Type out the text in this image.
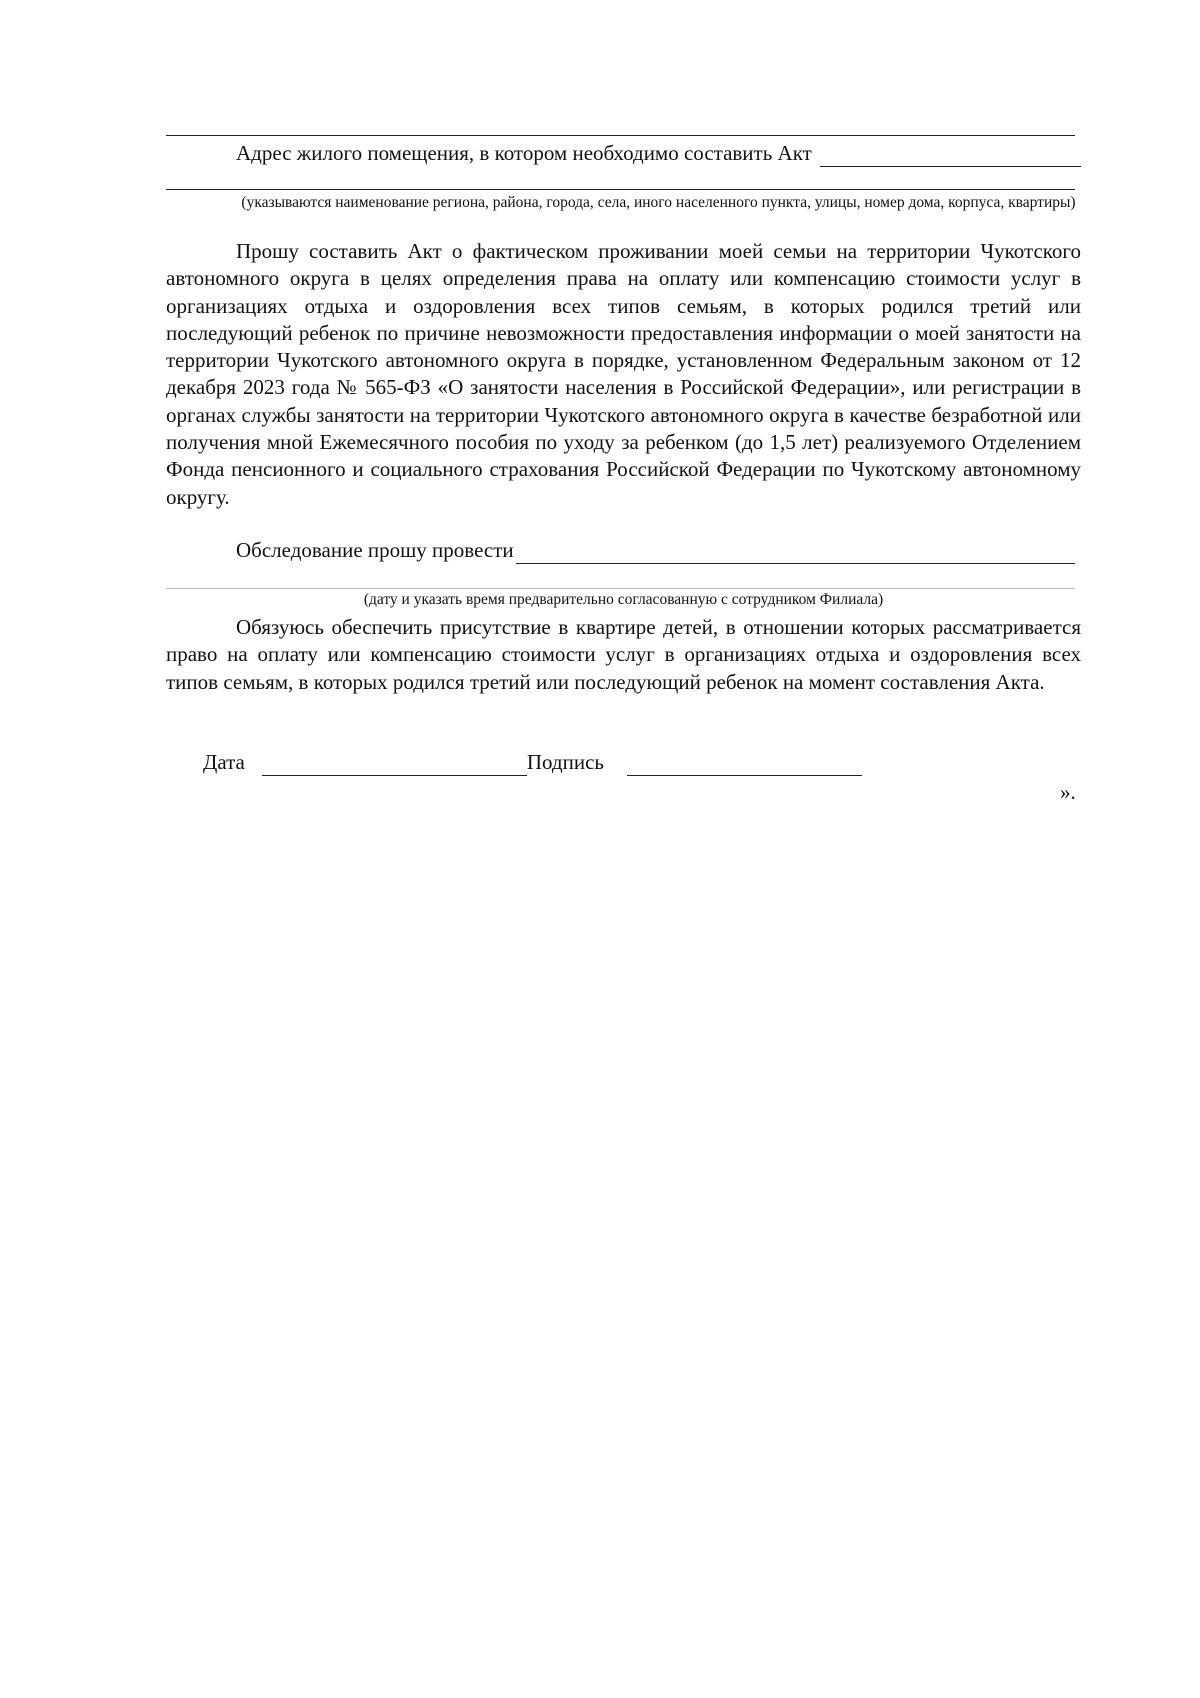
Адрес жилого помещения, в котором необходимо составить Акт
(указываются наименование региона, района, города, села, иного населенного пункта, улицы, номер дома, корпуса, квартиры)
Прошу составить Акт о фактическом проживании моей семьи на территории Чукотского автономного округа в целях определения права на оплату или компенсацию стоимости услуг в организациях отдыха и оздоровления всех типов семьям, в которых родился третий или последующий ребенок по причине невозможности предоставления информации о моей занятости на территории Чукотского автономного округа в порядке, установленном Федеральным законом от 12 декабря 2023 года № 565-ФЗ «О занятости населения в Российской Федерации», или регистрации в органах службы занятости на территории Чукотского автономного округа в качестве безработной или получения мной Ежемесячного пособия по уходу за ребенком (до 1,5 лет) реализуемого Отделением Фонда пенсионного и социального страхования Российской Федерации по Чукотскому автономному округу.
Обследование прошу провести
(дату и указать время предварительно согласованную с сотрудником Филиала)
Обязуюсь обеспечить присутствие в квартире детей, в отношении которых рассматривается право на оплату или компенсацию стоимости услуг в организациях отдыха и оздоровления всех типов семьям, в которых родился третий или последующий ребенок на момент составления Акта.
Дата	Подпись
».
